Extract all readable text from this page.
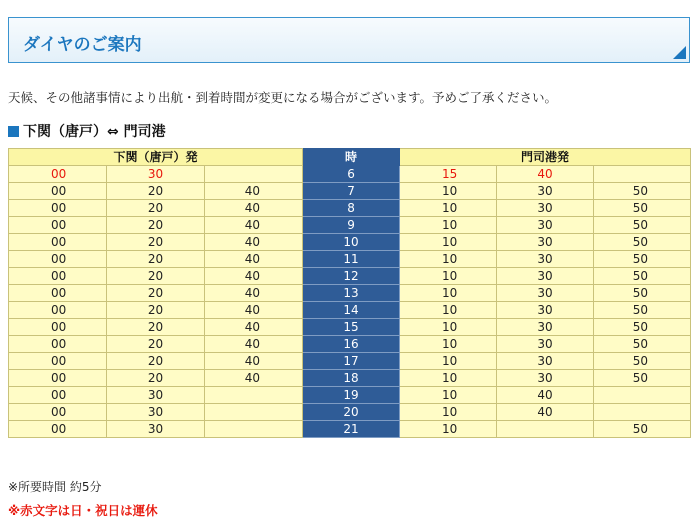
ダイヤのご案内
天候、その他諸事情により出航・到着時間が変更になる場合がございます。予めご了承ください。
下関（唐戸）⇔ 門司港
下関（唐戸）発			時	門司港発		
00	30		6	15	40	
00	20	40	7	10	30	50
00	20	40	8	10	30	50
00	20	40	9	10	30	50
00	20	40	10	10	30	50
00	20	40	11	10	30	50
00	20	40	12	10	30	50
00	20	40	13	10	30	50
00	20	40	14	10	30	50
00	20	40	15	10	30	50
00	20	40	16	10	30	50
00	20	40	17	10	30	50
00	20	40	18	10	30	50
00	30		19	10	40	
00	30		20	10	40	
00	30		21	10		50
※所要時間 約5分
※赤文字は日・祝日は運休
